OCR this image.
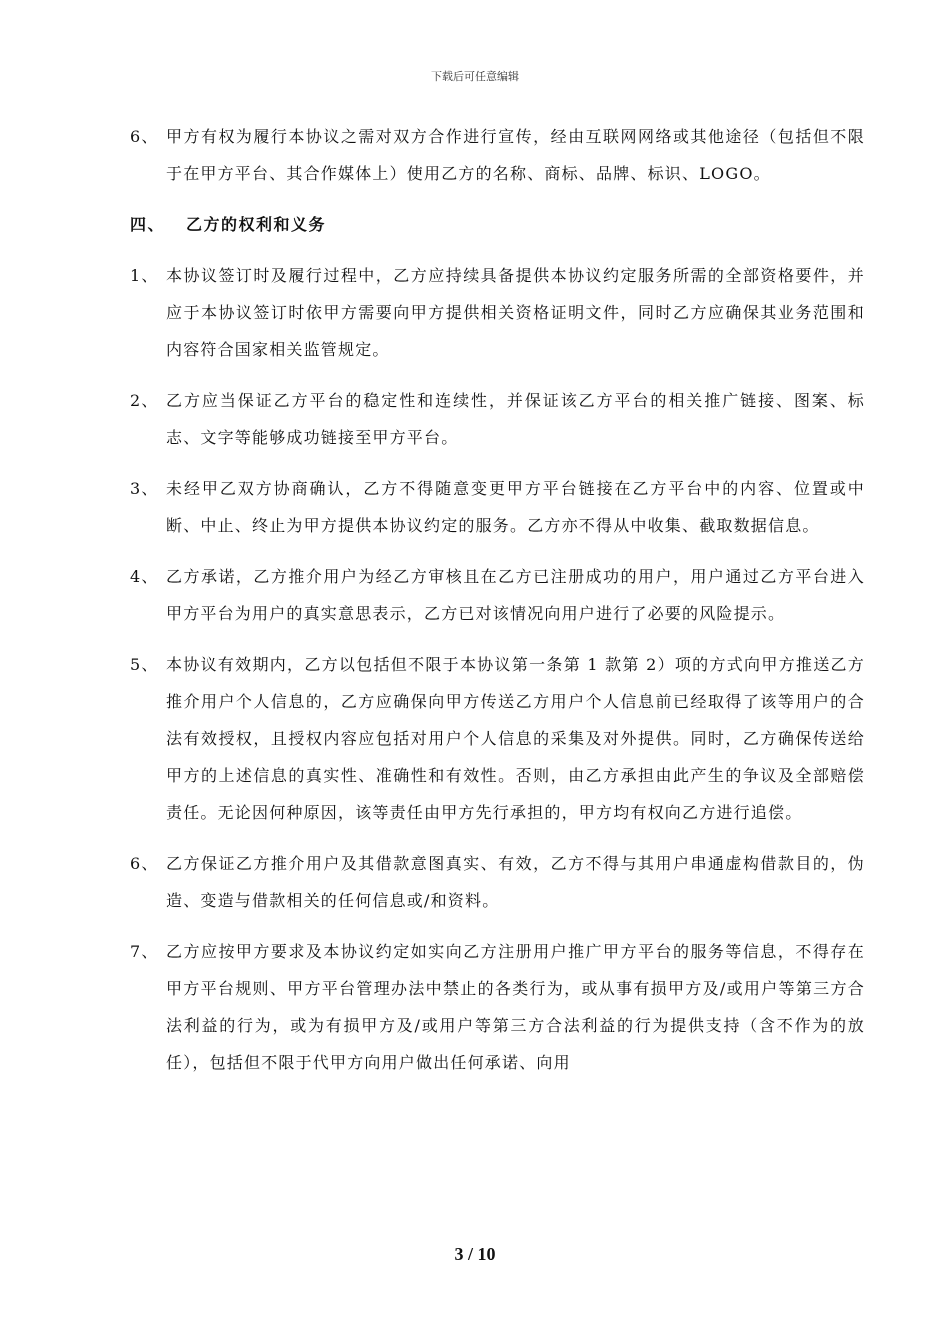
下载后可任意编辑
6、 甲方有权为履行本协议之需对双方合作进行宣传，经由互联网网络或其他途径（包括但不限于在甲方平台、其合作媒体上）使用乙方的名称、商标、品牌、标识、LOGO。
四、	乙方的权利和义务
1、 本协议签订时及履行过程中，乙方应持续具备提供本协议约定服务所需的全部资格要件，并应于本协议签订时依甲方需要向甲方提供相关资格证明文件，同时乙方应确保其业务范围和内容符合国家相关监管规定。
2、 乙方应当保证乙方平台的稳定性和连续性，并保证该乙方平台的相关推广链接、图案、标志、文字等能够成功链接至甲方平台。
3、 未经甲乙双方协商确认，乙方不得随意变更甲方平台链接在乙方平台中的内容、位置或中断、中止、终止为甲方提供本协议约定的服务。乙方亦不得从中收集、截取数据信息。
4、 乙方承诺，乙方推介用户为经乙方审核且在乙方已注册成功的用户，用户通过乙方平台进入甲方平台为用户的真实意思表示，乙方已对该情况向用户进行了必要的风险提示。
5、 本协议有效期内，乙方以包括但不限于本协议第一条第 1 款第 2）项的方式向甲方推送乙方推介用户个人信息的，乙方应确保向甲方传送乙方用户个人信息前已经取得了该等用户的合法有效授权，且授权内容应包括对用户个人信息的采集及对外提供。同时，乙方确保传送给甲方的上述信息的真实性、准确性和有效性。否则，由乙方承担由此产生的争议及全部赔偿责任。无论因何种原因，该等责任由甲方先行承担的，甲方均有权向乙方进行追偿。
6、 乙方保证乙方推介用户及其借款意图真实、有效，乙方不得与其用户串通虚构借款目的，伪造、变造与借款相关的任何信息或/和资料。
7、 乙方应按甲方要求及本协议约定如实向乙方注册用户推广甲方平台的服务等信息，不得存在甲方平台规则、甲方平台管理办法中禁止的各类行为，或从事有损甲方及/或用户等第三方合法利益的行为，或为有损甲方及/或用户等第三方合法利益的行为提供支持（含不作为的放任），包括但不限于代甲方向用户做出任何承诺、向用
3 / 10
